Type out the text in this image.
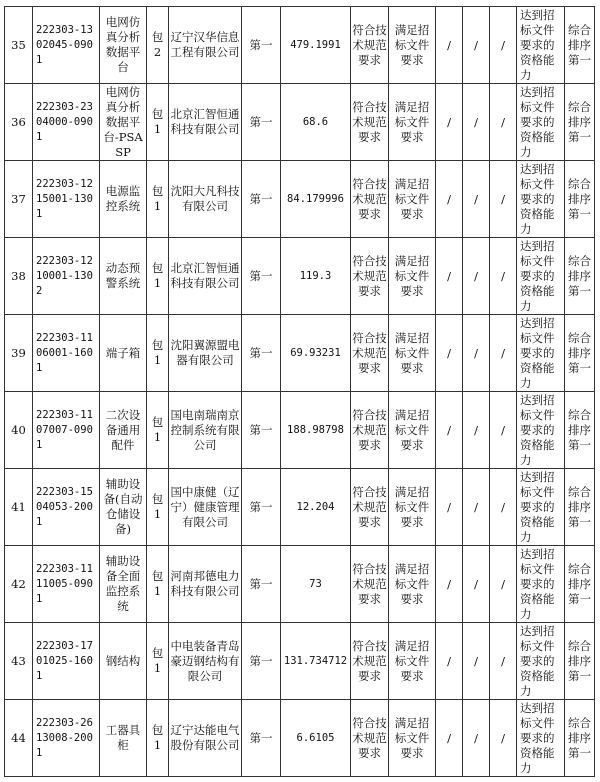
35	222303-1302045-0901	电网仿真分析数据平台	包 2	辽宁汉华信息工程有限公司	第一	479.1991	符合技术规范要求	满足招标文件要求	/	/	/	达到招标文件要求的资格能力	综合排序第一
36	222303-2304000-0901	电网仿真分析数据平台-PSASP	包 1	北京汇智恒通科技有限公司	第一	68.6	符合技术规范要求	满足招标文件要求	/	/	/	达到招标文件要求的资格能力	综合排序第一
37	222303-1215001-1301	电源监控系统	包 1	沈阳大凡科技有限公司	第一	84.179996	符合技术规范要求	满足招标文件要求	/	/	/	达到招标文件要求的资格能力	综合排序第一
38	222303-1210001-1302	动态预警系统	包 1	北京汇智恒通科技有限公司	第一	119.3	符合技术规范要求	满足招标文件要求	/	/	/	达到招标文件要求的资格能力	综合排序第一
39	222303-1106001-1601	端子箱	包 1	沈阳翼源盟电器有限公司	第一	69.93231	符合技术规范要求	满足招标文件要求	/	/	/	达到招标文件要求的资格能力	综合排序第一
40	222303-1107007-0901	二次设备通用配件	包 1	国电南瑞南京控制系统有限公司	第一	188.98798	符合技术规范要求	满足招标文件要求	/	/	/	达到招标文件要求的资格能力	综合排序第一
41	222303-1504053-2001	辅助设备(自动仓储设备)	包 1	国中康健（辽宁）健康管理有限公司	第一	12.204	符合技术规范要求	满足招标文件要求	/	/	/	达到招标文件要求的资格能力	综合排序第一
42	222303-1111005-0901	辅助设备全面监控系统	包 1	河南邦德电力科技有限公司	第一	73	符合技术规范要求	满足招标文件要求	/	/	/	达到招标文件要求的资格能力	综合排序第一
43	222303-1701025-1601	钢结构	包 1	中电装备青岛豪迈钢结构有限公司	第一	131.734712	符合技术规范要求	满足招标文件要求	/	/	/	达到招标文件要求的资格能力	综合排序第一
44	222303-2613008-2001	工器具柜	包 1	辽宁达能电气股份有限公司	第一	6.6105	符合技术规范要求	满足招标文件要求	/	/	/	达到招标文件要求的资格能力	综合排序第一
